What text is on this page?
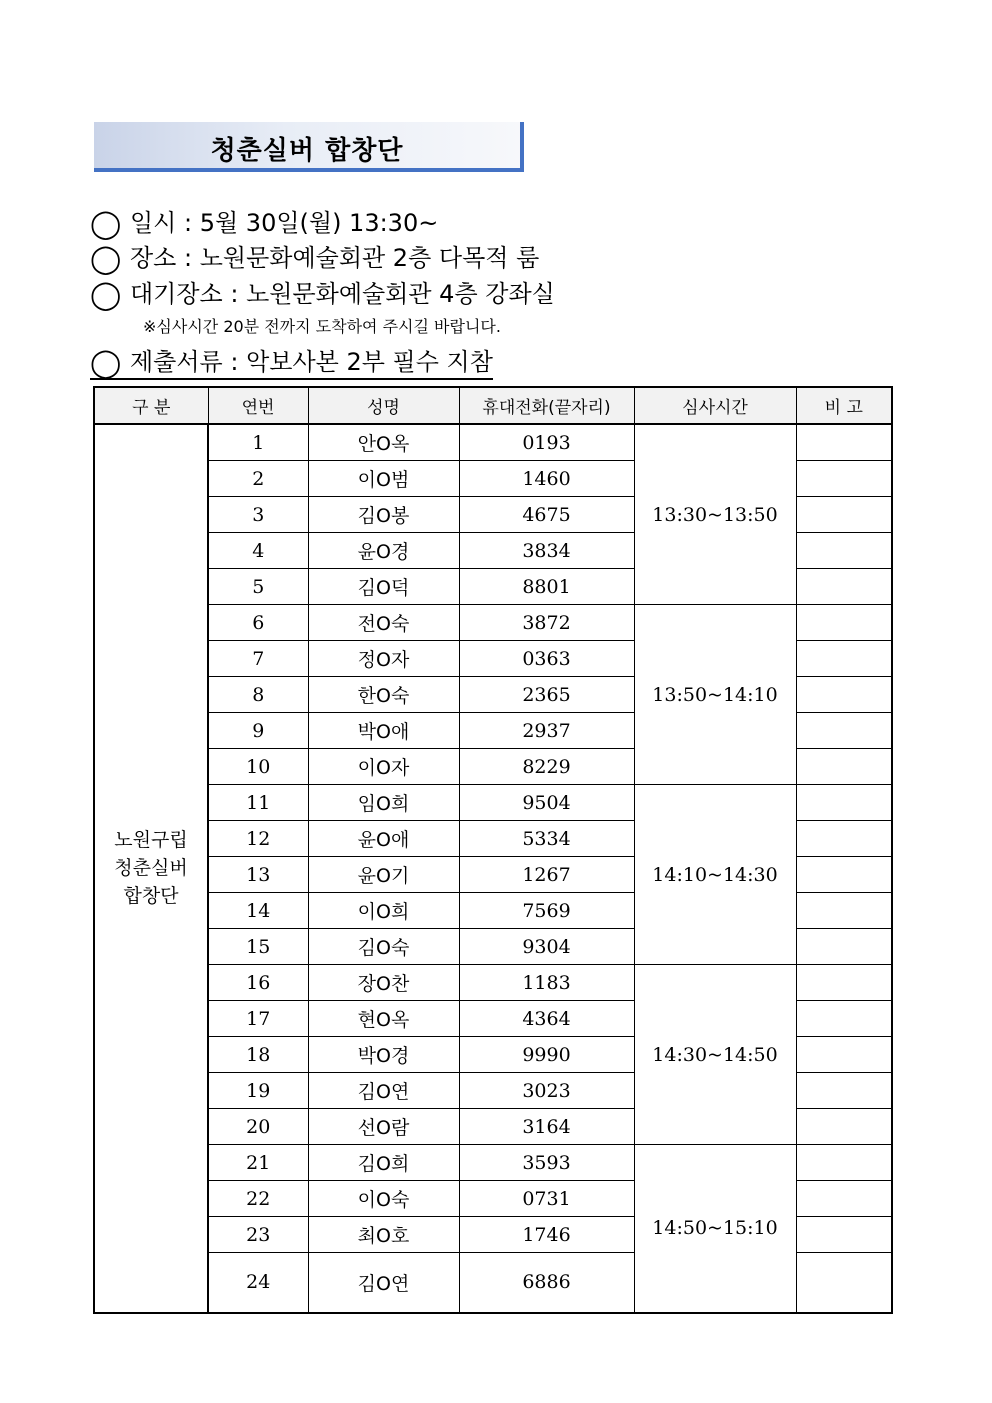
청춘실버 합창단
◯ 일시 : 5월 30일(월) 13:30~
◯ 장소 : 노원문화예술회관 2층 다목적 룸
◯ 대기장소 : 노원문화예술회관 4층 강좌실
※심사시간 20분 전까지 도착하여 주시길 바랍니다.
◯ 제출서류 : 악보사본 2부 필수 지참
구 분	연번	성명	휴대전화(끝자리)	심사시간	비 고

노원구립
청춘실버
합창단	1	안O옥	0193	13:30~13:50	
	2	이O범	1460		
	3	김O봉	4675		
	4	윤O경	3834		
	5	김O덕	8801		
	6	전O숙	3872	13:50~14:10	
	7	정O자	0363		
	8	한O숙	2365		
	9	박O애	2937		
	10	이O자	8229		
	11	임O희	9504	14:10~14:30	
	12	윤O애	5334		
	13	윤O기	1267		
	14	이O희	7569		
	15	김O숙	9304		
	16	장O찬	1183	14:30~14:50	
	17	현O옥	4364		
	18	박O경	9990		
	19	김O연	3023		
	20	선O람	3164		
	21	김O희	3593	14:50~15:10	
	22	이O숙	0731		
	23	최O호	1746		
	24	김O연	6886		
